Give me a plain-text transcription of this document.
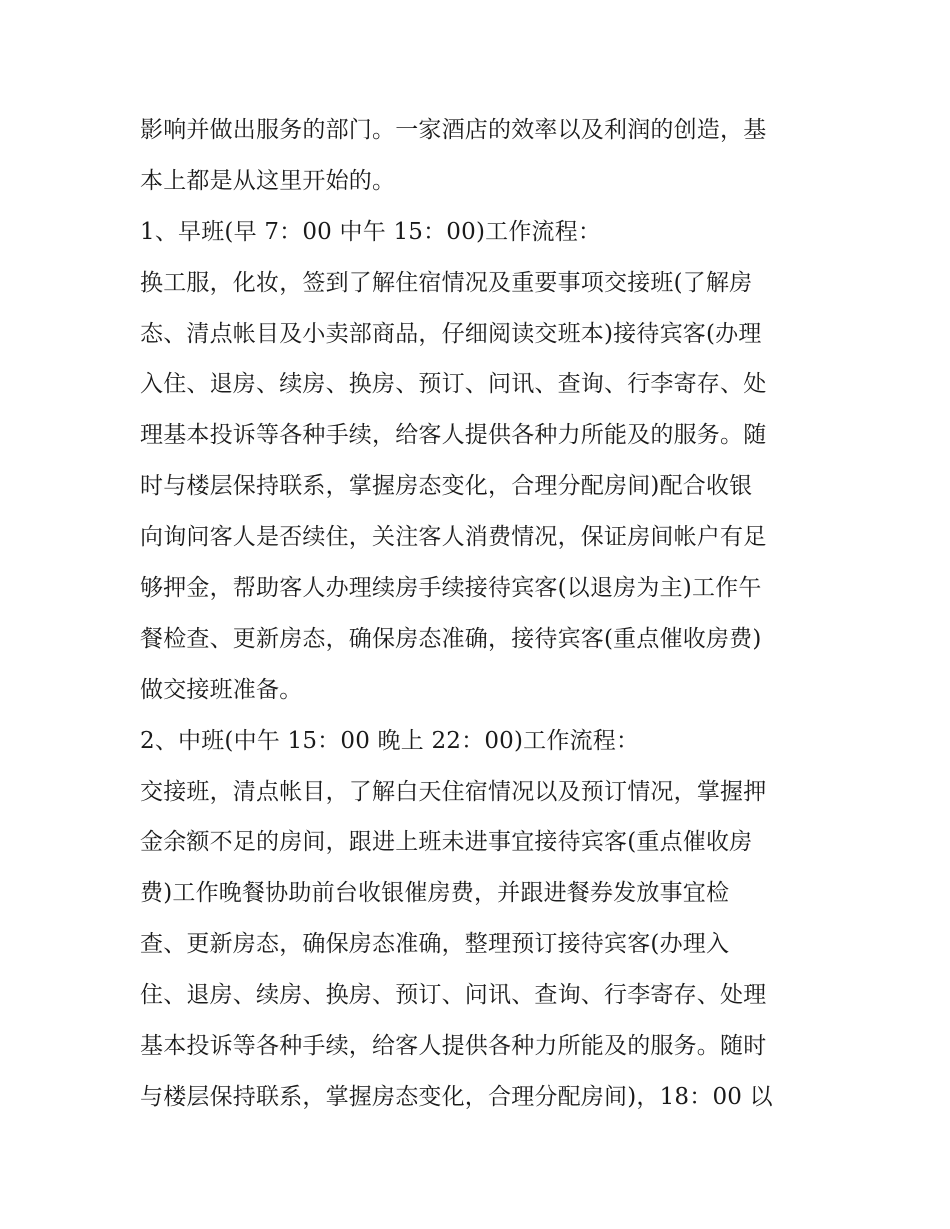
影响并做出服务的部门。一家酒店的效率以及利润的创造，基
本上都是从这里开始的。
1、早班(早 7：00 中午 15：00)工作流程：
换工服，化妆，签到了解住宿情况及重要事项交接班(了解房
态、清点帐目及小卖部商品，仔细阅读交班本)接待宾客(办理
入住、退房、续房、换房、预订、问讯、查询、行李寄存、处
理基本投诉等各种手续，给客人提供各种力所能及的服务。随
时与楼层保持联系，掌握房态变化，合理分配房间)配合收银
向询问客人是否续住，关注客人消费情况，保证房间帐户有足
够押金，帮助客人办理续房手续接待宾客(以退房为主)工作午
餐检查、更新房态，确保房态准确，接待宾客(重点催收房费)
做交接班准备。
2、中班(中午 15：00 晚上 22：00)工作流程：
交接班，清点帐目，了解白天住宿情况以及预订情况，掌握押
金余额不足的房间，跟进上班未进事宜接待宾客(重点催收房
费)工作晚餐协助前台收银催房费，并跟进餐券发放事宜检
查、更新房态，确保房态准确，整理预订接待宾客(办理入
住、退房、续房、换房、预订、问讯、查询、行李寄存、处理
基本投诉等各种手续，给客人提供各种力所能及的服务。随时
与楼层保持联系，掌握房态变化，合理分配房间)，18：00 以
